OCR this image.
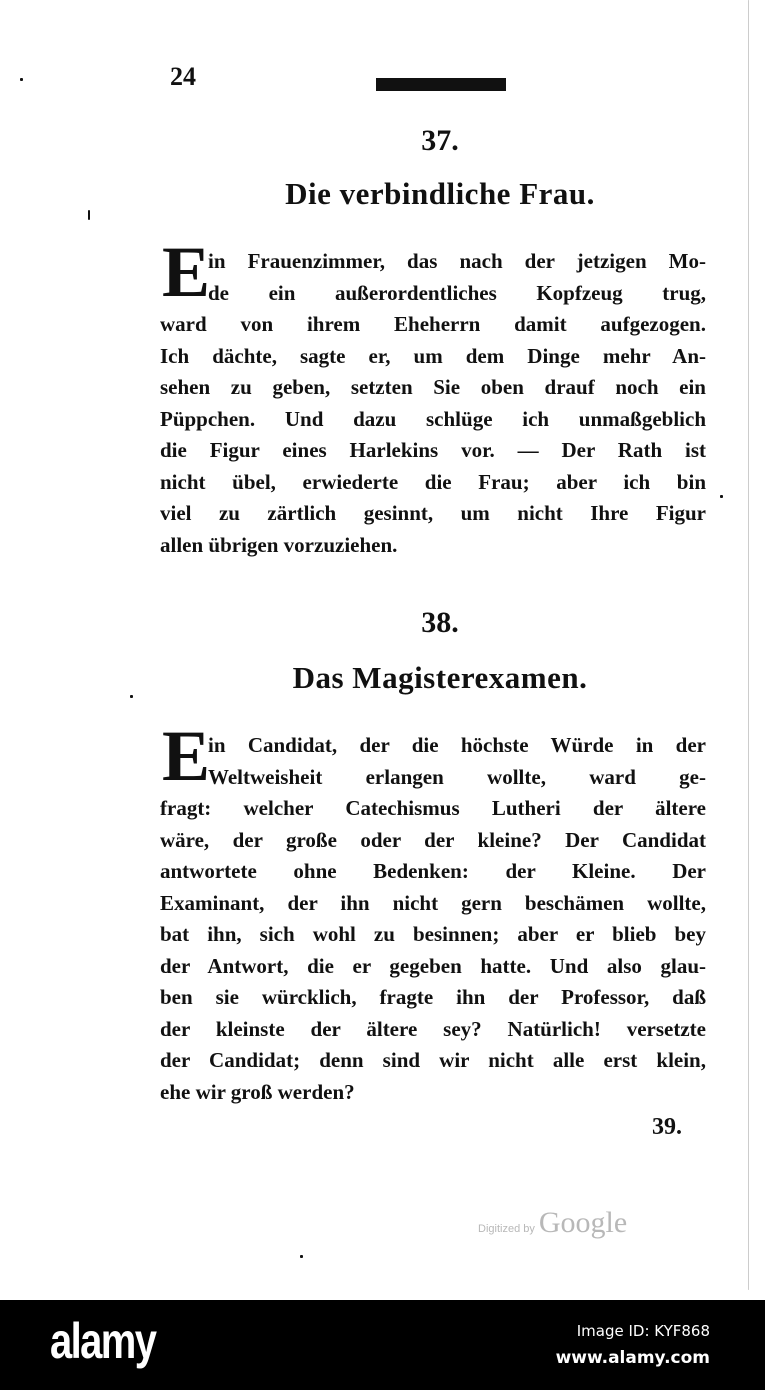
24
37.
Die verbindliche Frau.
E
in Frauenzimmer, das nach der jetzigen Mo-
de ein außerordentliches Kopfzeug trug,
ward von ihrem Eheherrn damit aufgezogen.
Ich dächte, sagte er, um dem Dinge mehr An-
sehen zu geben, setzten Sie oben drauf noch ein
Püppchen. Und dazu schlüge ich unmaßgeblich
die Figur eines Harlekins vor. — Der Rath ist
nicht übel, erwiederte die Frau; aber ich bin
viel zu zärtlich gesinnt, um nicht Ihre Figur
allen übrigen vorzuziehen.
38.
Das Magisterexamen.
E
in Candidat, der die höchste Würde in der
Weltweisheit erlangen wollte, ward ge-
fragt: welcher Catechismus Lutheri der ältere
wäre, der große oder der kleine? Der Candidat
antwortete ohne Bedenken: der Kleine. Der
Examinant, der ihn nicht gern beschämen wollte,
bat ihn, sich wohl zu besinnen; aber er blieb bey
der Antwort, die er gegeben hatte. Und also glau-
ben sie würcklich, fragte ihn der Professor, daß
der kleinste der ältere sey? Natürlich! versetzte
der Candidat; denn sind wir nicht alle erst klein,
ehe wir groß werden?
39.
Digitized by Google
alamy	Image ID: KYF868
www.alamy.com
